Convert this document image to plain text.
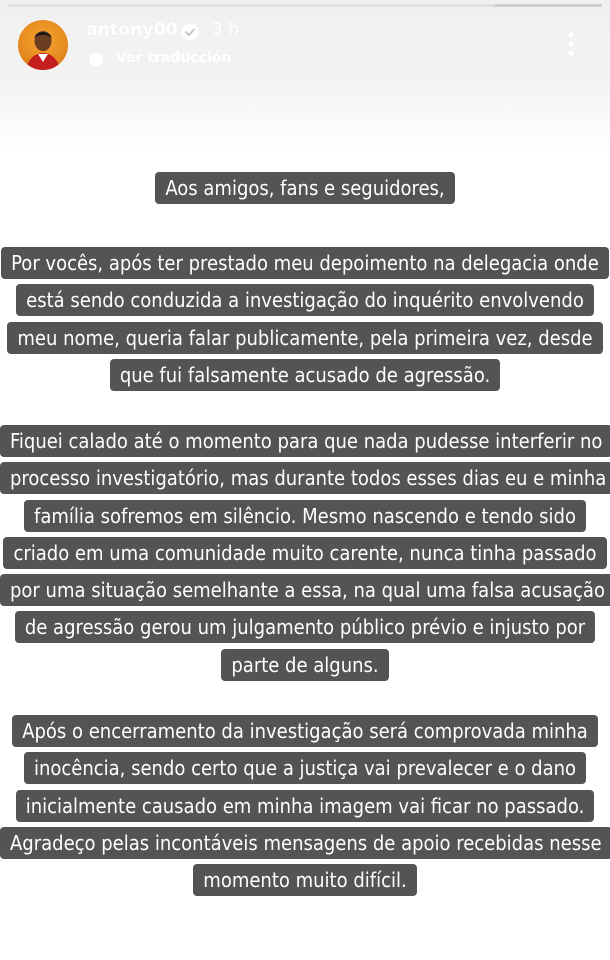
antony00 3 h
Ver traducción
Aos amigos, fans e seguidores,
Por vocês, após ter prestado meu depoimento na delegacia onde está sendo conduzida a investigação do inquérito envolvendo meu nome, queria falar publicamente, pela primeira vez, desde que fui falsamente acusado de agressão.
Fiquei calado até o momento para que nada pudesse interferir no processo investigatório, mas durante todos esses dias eu e minha família sofremos em silêncio. Mesmo nascendo e tendo sido criado em uma comunidade muito carente, nunca tinha passado por uma situação semelhante a essa, na qual uma falsa acusação de agressão gerou um julgamento público prévio e injusto por parte de alguns.
Após o encerramento da investigação será comprovada minha inocência, sendo certo que a justiça vai prevalecer e o dano inicialmente causado em minha imagem vai ficar no passado. Agradeço pelas incontáveis mensagens de apoio recebidas nesse momento muito difícil.
